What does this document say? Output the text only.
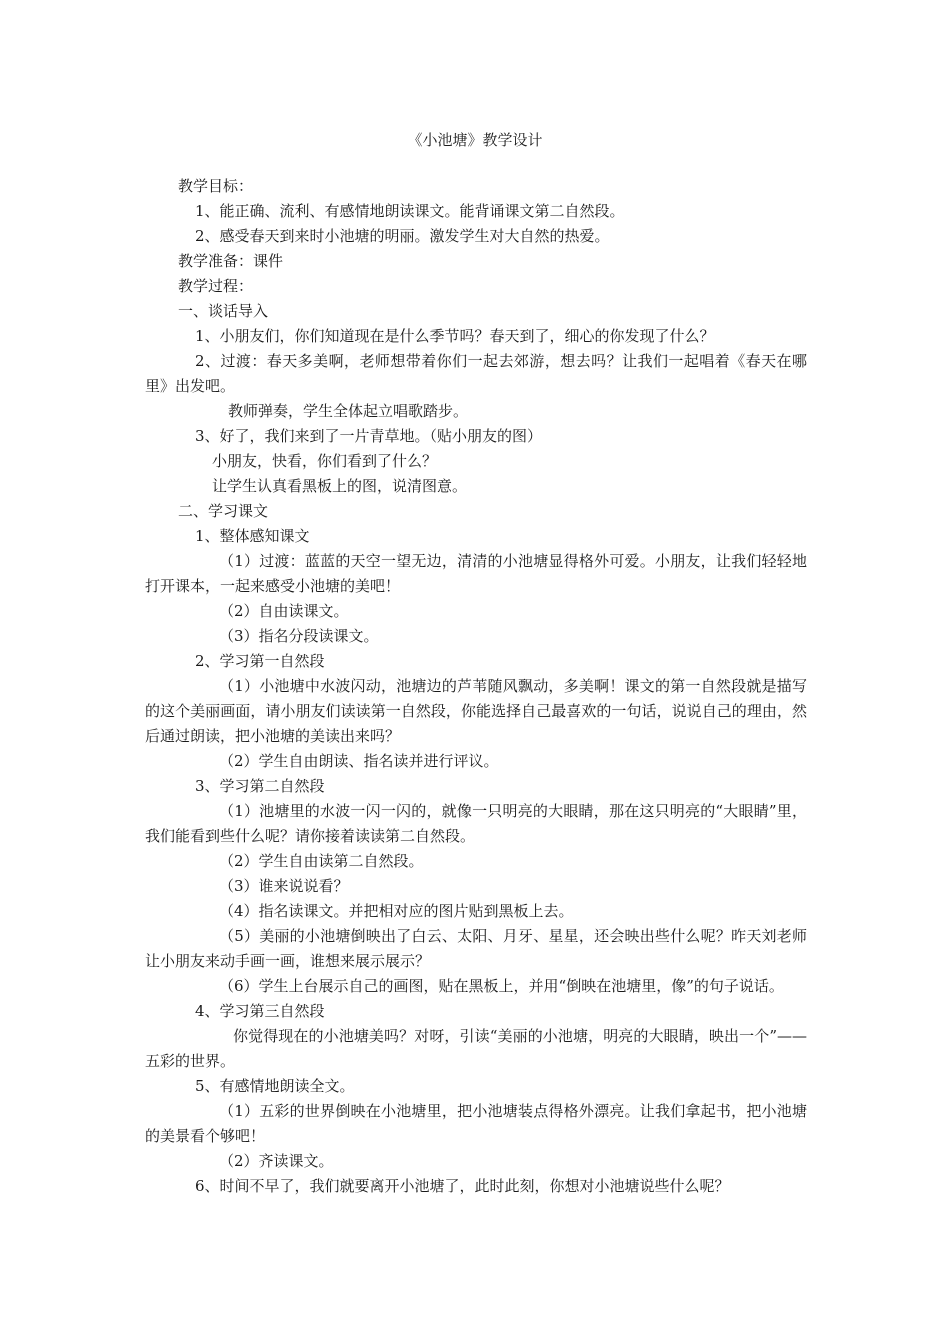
《小池塘》教学设计

教学目标：

1、能正确、流利、有感情地朗读课文。能背诵课文第二自然段。

2、感受春天到来时小池塘的明丽。激发学生对大自然的热爱。

教学准备：课件

教学过程：

一、谈话导入

1、小朋友们，你们知道现在是什么季节吗？春天到了，细心的你发现了什么？

2、过渡：春天多美啊，老师想带着你们一起去郊游，想去吗？让我们一起唱着《春天在哪里》出发吧。

教师弹奏，学生全体起立唱歌踏步。

3、好了，我们来到了一片青草地。（贴小朋友的图）

小朋友，快看，你们看到了什么？

让学生认真看黑板上的图，说清图意。

二、学习课文

1、整体感知课文

（1）过渡：蓝蓝的天空一望无边，清清的小池塘显得格外可爱。小朋友，让我们轻轻地打开课本，一起来感受小池塘的美吧！

（2）自由读课文。

（3）指名分段读课文。

2、学习第一自然段

（1）小池塘中水波闪动，池塘边的芦苇随风飘动，多美啊！课文的第一自然段就是描写的这个美丽画面，请小朋友们读读第一自然段，你能选择自己最喜欢的一句话，说说自己的理由，然后通过朗读，把小池塘的美读出来吗？

（2）学生自由朗读、指名读并进行评议。

3、学习第二自然段

（1）池塘里的水波一闪一闪的，就像一只明亮的大眼睛，那在这只明亮的“大眼睛”里，我们能看到些什么呢？请你接着读读第二自然段。

（2）学生自由读第二自然段。

（3）谁来说说看？

（4）指名读课文。并把相对应的图片贴到黑板上去。

（5）美丽的小池塘倒映出了白云、太阳、月牙、星星，还会映出些什么呢？昨天刘老师让小朋友来动手画一画，谁想来展示展示？

（6）学生上台展示自己的画图，贴在黑板上，并用“倒映在池塘里，像”的句子说话。

4、学习第三自然段

你觉得现在的小池塘美吗？对呀，引读“美丽的小池塘，明亮的大眼睛，映出一个”——五彩的世界。

5、有感情地朗读全文。

（1）五彩的世界倒映在小池塘里，把小池塘装点得格外漂亮。让我们拿起书，把小池塘的美景看个够吧！

（2）齐读课文。

6、时间不早了，我们就要离开小池塘了，此时此刻，你想对小池塘说些什么呢？
